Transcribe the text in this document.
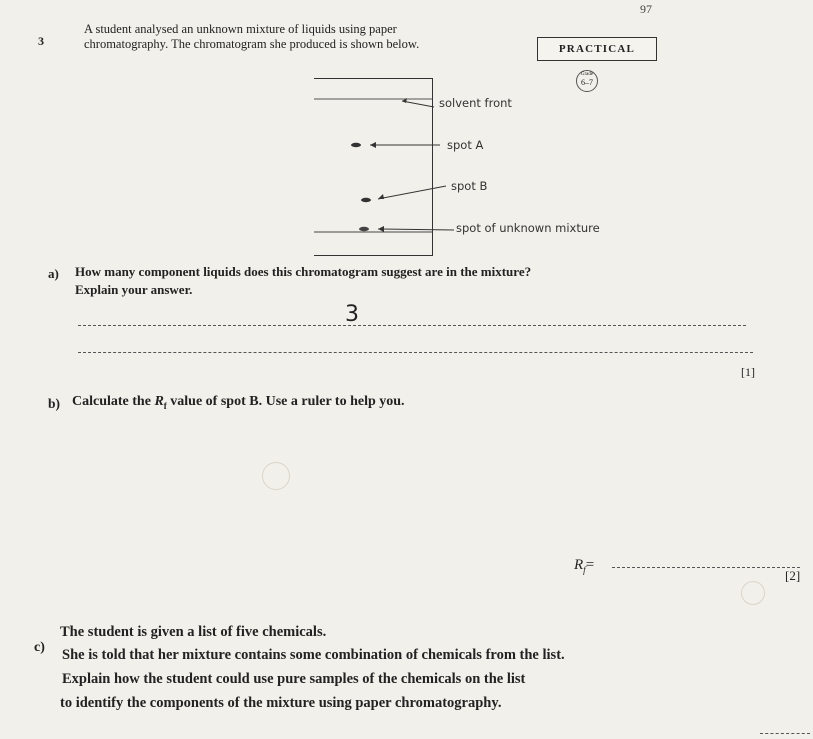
97
3
A student analysed an unknown mixture of liquids using paper
chromatography. The chromatogram she produced is shown below.	PRACTICAL
Grade
6–7
solvent front
spot A
spot B
spot of unknown mixture
a) How many component liquids does this chromatogram suggest are in the mixture?
Explain your answer.
3
[1]
b) Calculate the $R_f$ value of spot B. Use a ruler to help you.
$R_f=$
[2]
c)
The student is given a list of five chemicals.
She is told that her mixture contains some combination of chemicals from the list.
Explain how the student could use pure samples of the chemicals on the list
to identify the components of the mixture using paper chromatography.
